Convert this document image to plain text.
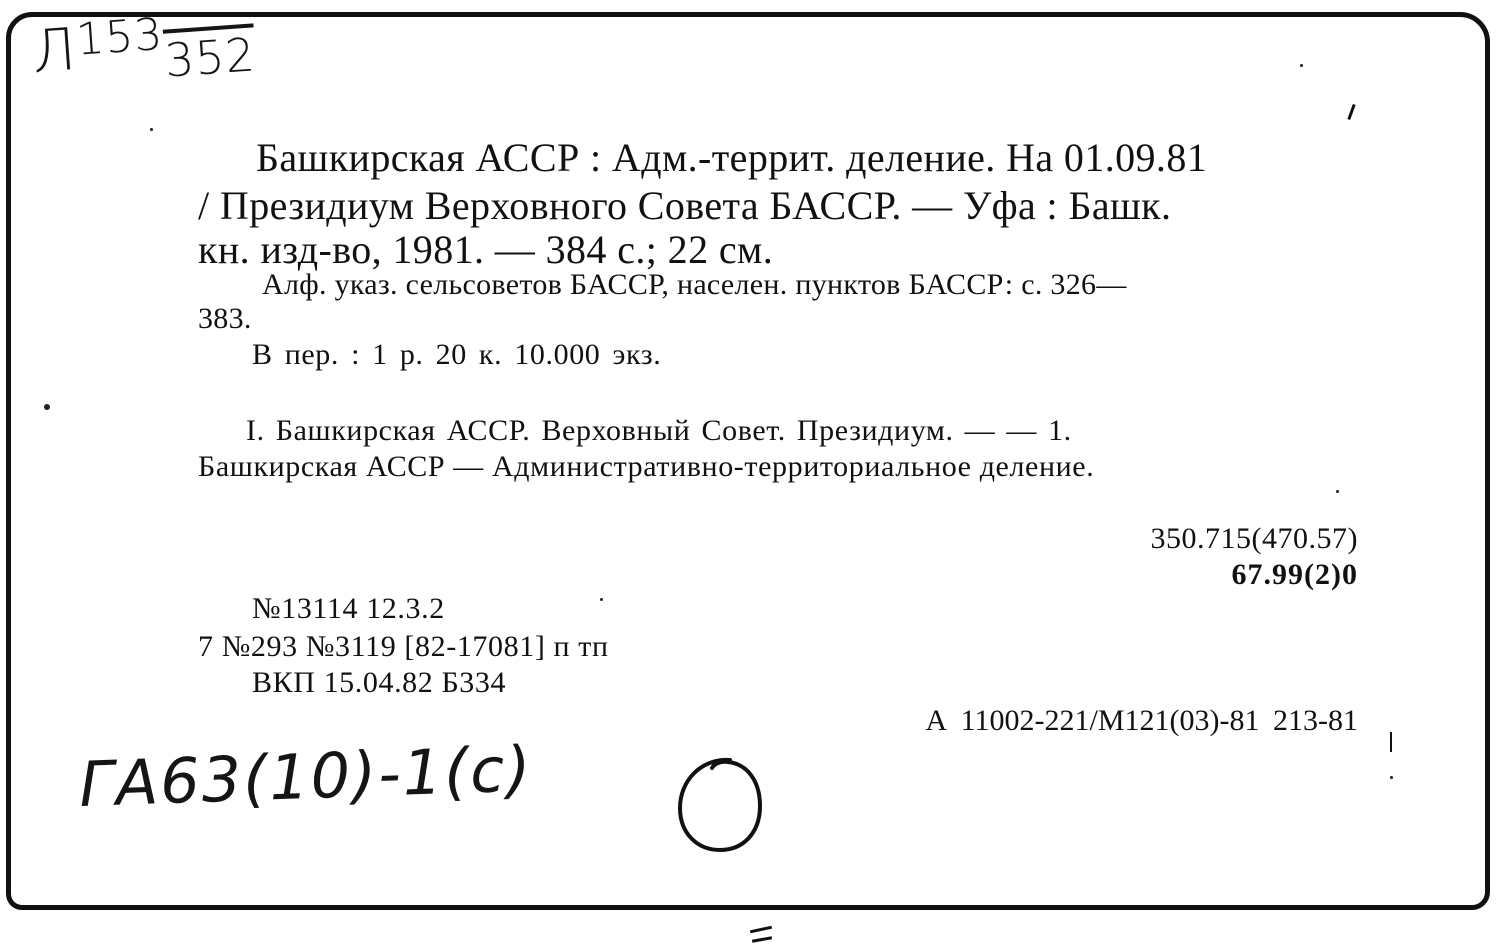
$Л^{153}_{352}$
Башкирская АССР : Адм.-террит. деление. На 01.09.81
/ Президиум Верховного Совета БАССР. — Уфа : Башк.
кн. изд-во, 1981. — 384 с.; 22 см.
Алф. указ. сельсоветов БАССР, населен. пунктов БАССР: с. 326—
383.
В пер. : 1 р. 20 к. 10.000 экз.
I. Башкирская АССР. Верховный Совет. Президиум. — — 1.
Башкирская АССР — Административно-территориальное деление.
350.715(470.57)
67.99(2)0
№13114 12.3.2
7 №293 №3119 [82-17081] п тп
ВКП 15.04.82 Б334
А 11002-221/М121(03)-81 213-81
ГА63(10)-1(с)
